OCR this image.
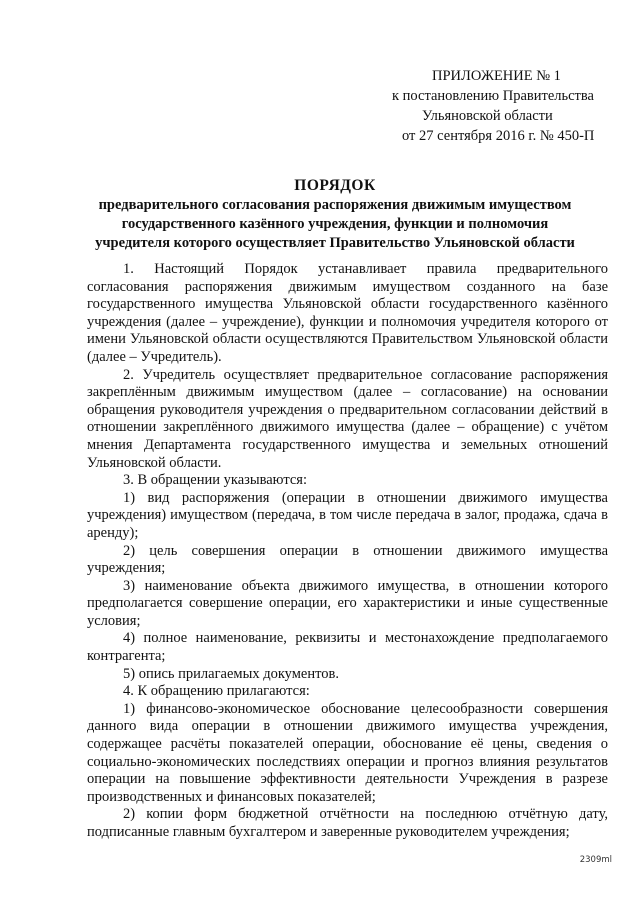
ПРИЛОЖЕНИЕ № 1
к постановлению Правительства
Ульяновской области
от 27 сентября 2016 г. № 450-П
ПОРЯДОК
предварительного согласования распоряжения движимым имуществом
государственного казённого учреждения, функции и полномочия
учредителя которого осуществляет Правительство Ульяновской области

1. Настоящий Порядок устанавливает правила предварительного согласования распоряжения движимым имуществом созданного на базе государственного имущества Ульяновской области государственного казённого учреждения (далее – учреждение), функции и полномочия учредителя которого от имени Ульяновской области осуществляются Правительством Ульяновской области (далее – Учредитель).

2. Учредитель осуществляет предварительное согласование распоряжения закреплённым движимым имуществом (далее – согласование) на основании обращения руководителя учреждения о предварительном согласовании действий в отношении закреплённого движимого имущества (далее – обращение) с учётом мнения Департамента государственного имущества и земельных отношений Ульяновской области.

3. В обращении указываются:

1) вид распоряжения (операции в отношении движимого имущества учреждения) имуществом (передача, в том числе передача в залог, продажа, сдача в аренду);

2) цель совершения операции в отношении движимого имущества учреждения;

3) наименование объекта движимого имущества, в отношении которого предполагается совершение операции, его характеристики и иные существенные условия;

4) полное наименование, реквизиты и местонахождение предполагаемого контрагента;

5) опись прилагаемых документов.

4. К обращению прилагаются:

1) финансово-экономическое обоснование целесообразности совершения данного вида операции в отношении движимого имущества учреждения, содержащее расчёты показателей операции, обоснование её цены, сведения о социально-экономических последствиях операции и прогноз влияния результатов операции на повышение эффективности деятельности Учреждения в разрезе производственных и финансовых показателей;

2) копии форм бюджетной отчётности на последнюю отчётную дату, подписанные главным бухгалтером и заверенные руководителем учреждения;

2309ml
